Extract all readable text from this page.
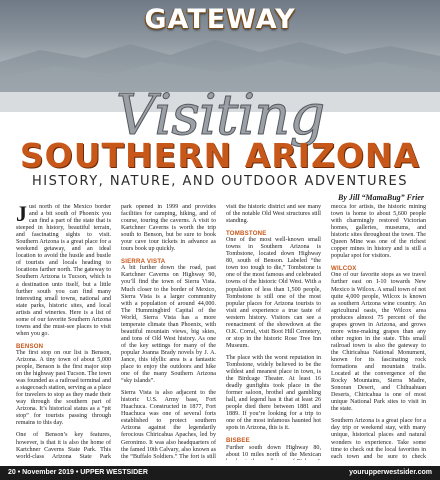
GATEWAY
Visiting
SOUTHERN ARIZONA
HISTORY, NATURE, AND OUTDOOR ADVENTURES
By Jill “MamaBug” Frier

Just north of the Mexico border and a bit south of Phoenix you can find a part of the state that is steeped in history, beautiful terrain, and fascinating sights to visit. Southern Arizona is a great place for a weekend getaway, and an ideal location to avoid the hustle and bustle of tourists and locals heading to locations farther north. The gateway to Southern Arizona is Tucson, which is a destination unto itself, but a little further south you can find many interesting small towns, national and state parks, historic sites, and local artists and wineries. Here is a list of some of our favorite Southern Arizona towns and the must-see places to visit when you go.

BENSON

The first stop on our list is Benson, Arizona. A tiny town of about 5,000 people, Benson is the first major stop on the highway past Tucson. The town was founded as a railroad terminal and a stagecoach station, serving as a place for travelers to stop as they made their way through the southern part of Arizona. It’s historical status as a “pit stop” for tourists passing through remains to this day.

One of Benson’s key features, however, is that it is also the home of Kartchner Caverns State Park. This world-class Arizona State Park

park opened in 1999 and provides facilities for camping, hiking, and of course, touring the caverns. A visit to Kartchner Caverns is worth the trip south to Benson, but be sure to book your cave tour tickets in advance as tours book up quickly.

SIERRA VISTA

A bit further down the road, past Kartchner Caverns on Highway 90, you’ll find the town of Sierra Vista. Much closer to the border of Mexico, Sierra Vista is a larger community with a population of around 44,000. The Hummingbird Capital of the World, Sierra Vista has a more temperate climate than Phoenix, with beautiful mountain views, big skies, and tons of Old West history. As one of the key settings for many of the popular Joanna Brady novels by J. A. Jance, this idyllic area is a fantastic place to enjoy the outdoors and hike one of the many Southern Arizona “sky islands”.

Sierra Vista is also adjacent to the historic U.S. Army base, Fort Huachuca. Constructed in 1877, Fort Huachuca was one of several forts established to protect southern Arizona against the legendarily ferocious Chiricahua Apaches, led by Geronimo. It was also headquarters of the famed 10th Calvary, also known as the “Buffalo Soldiers.” The fort is still

visit the historic district and see many of the notable Old West structures still standing.

TOMBSTONE

One of the most well-known small towns in Southern Arizona is Tombstone, located down Highway 80, south of Benson. Labeled “the town too tough to die,” Tombstone is one of the most famous and celebrated towns of the historic Old West. With a population of less than 1,500 people, Tombstone is still one of the most popular places for Arizona tourists to visit and experience a true taste of western history. Visitors can see a reenactment of the showdown at the O.K. Corral, visit Boot Hill Cemetery, or stop in the historic Rose Tree Inn Museum.

The place with the worst reputation in Tombstone, widely believed to be the wildest and meanest place in town, is the Birdcage Theater. At least 16 deadly gunfights took place in the former saloon, brothel and gambling hall, and legend has it that at least 26 people died there between 1881 and 1889. If you’re looking for a trip to one of the most infamous haunted hot spots in Arizona, this is it.

BISBEE

Further south down Highway 80, about 10 miles north of the Mexican

mecca for artists, the historic mining town is home to about 5,600 people with charmingly restored Victorian homes, galleries, museums, and historic sites throughout the town. The Queen Mine was one of the richest copper mines in history and is still a popular spot for visitors.

WILCOX

One of our favorite stops as we travel further east on I-10 towards New Mexico is Wilcox. A small town of not quite 4,000 people, Wilcox is known as southern Arizona wine country. An agricultural oasis, the Wilcox area produces almost 75 percent of the grapes grown in Arizona, and grows more wine-making grapes than any other region in the state. This small railroad town is also the gateway to the Chiricahua National Monument, known for its fascinating rock formations and mountain trails. Located at the convergence of the Rocky Mountains, Sierra Madre, Sonoran Desert, and Chihuahuan Deserts, Chiricahua is one of most unique National Park sites to visit in the state.

Southern Arizona is a great place for a day trip or weekend stay, with many unique, historical places and natural wonders to experience. Take some time to check out the local favorites in each town and be sure to check

20 • November 2019 • UPPER WESTSIDER	yourupperwestsider.com
